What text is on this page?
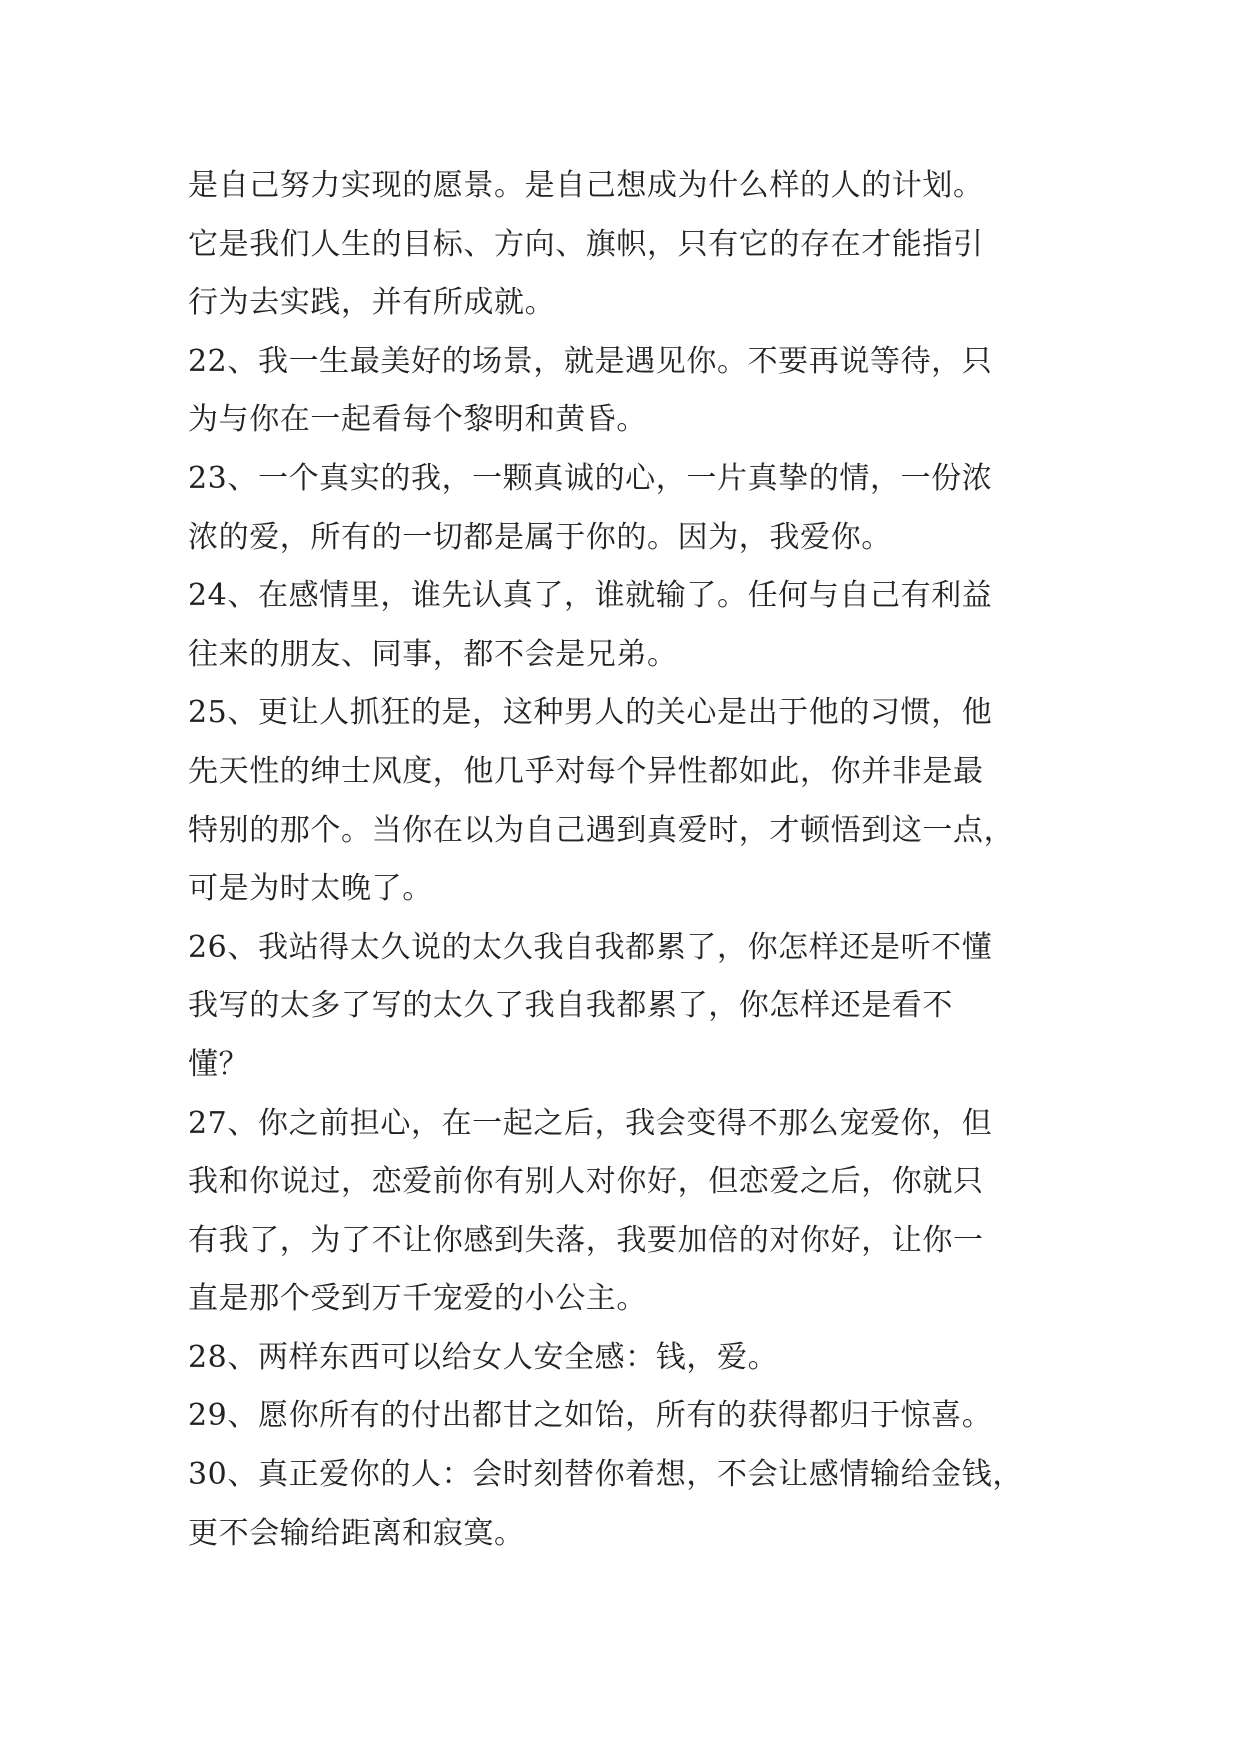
是自己努力实现的愿景。是自己想成为什么样的人的计划。
它是我们人生的目标、方向、旗帜，只有它的存在才能指引
行为去实践，并有所成就。
22、我一生最美好的场景，就是遇见你。不要再说等待，只
为与你在一起看每个黎明和黄昏。
23、一个真实的我，一颗真诚的心，一片真挚的情，一份浓
浓的爱，所有的一切都是属于你的。因为，我爱你。
24、在感情里，谁先认真了，谁就输了。任何与自己有利益
往来的朋友、同事，都不会是兄弟。
25、更让人抓狂的是，这种男人的关心是出于他的习惯，他
先天性的绅士风度，他几乎对每个异性都如此，你并非是最
特别的那个。当你在以为自己遇到真爱时，才顿悟到这一点，
可是为时太晚了。
26、我站得太久说的太久我自我都累了，你怎样还是听不懂
我写的太多了写的太久了我自我都累了，你怎样还是看不
懂？
27、你之前担心，在一起之后，我会变得不那么宠爱你，但
我和你说过，恋爱前你有别人对你好，但恋爱之后，你就只
有我了，为了不让你感到失落，我要加倍的对你好，让你一
直是那个受到万千宠爱的小公主。
28、两样东西可以给女人安全感：钱，爱。
29、愿你所有的付出都甘之如饴，所有的获得都归于惊喜。
30、真正爱你的人：会时刻替你着想，不会让感情输给金钱，
更不会输给距离和寂寞。
